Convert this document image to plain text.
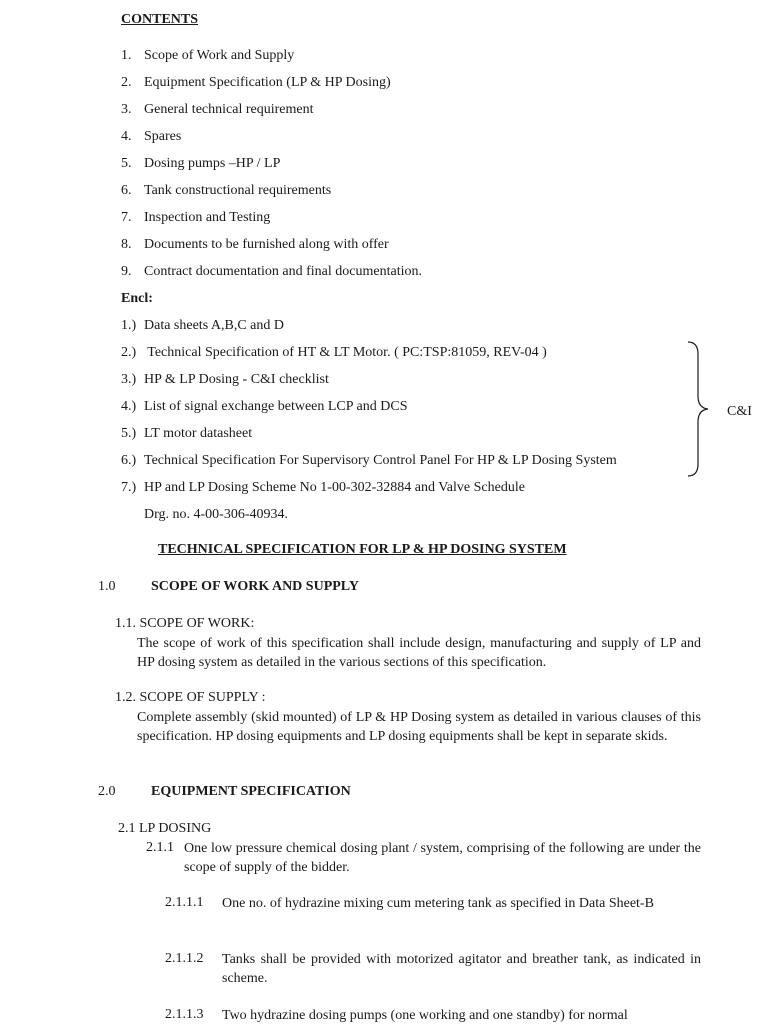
CONTENTS
1. Scope of Work and Supply
2. Equipment Specification (LP & HP Dosing)
3. General technical requirement
4. Spares
5. Dosing pumps –HP / LP
6. Tank constructional requirements
7. Inspection and Testing
8. Documents to be furnished along with offer
9. Contract documentation and final documentation.
Encl:
1.) Data sheets A,B,C and D
2.) Technical Specification of HT & LT Motor. ( PC:TSP:81059, REV-04 )
3.) HP & LP Dosing - C&I checklist
4.) List of signal exchange between LCP and DCS
5.) LT motor datasheet
6.) Technical Specification For Supervisory Control Panel For HP & LP Dosing System
7.) HP and LP Dosing Scheme No 1-00-302-32884 and Valve Schedule
Drg. no. 4-00-306-40934.
C&I
TECHNICAL SPECIFICATION FOR LP & HP DOSING SYSTEM
1.0	SCOPE OF WORK AND SUPPLY
1.1. SCOPE OF WORK:
The scope of work of this specification shall include design, manufacturing and supply of LP and HP dosing system as detailed in the various sections of this specification.
1.2. SCOPE OF SUPPLY :
Complete assembly (skid mounted) of LP & HP Dosing system as detailed in various clauses of this specification. HP dosing equipments and LP dosing equipments shall be kept in separate skids.
2.0	EQUIPMENT SPECIFICATION
2.1 LP DOSING
2.1.1 One low pressure chemical dosing plant / system, comprising of the following are under the scope of supply of the bidder.
2.1.1.1 One no. of hydrazine mixing cum metering tank as specified in Data Sheet-B
2.1.1.2 Tanks shall be provided with motorized agitator and breather tank, as indicated in scheme.
2.1.1.3 Two hydrazine dosing pumps (one working and one standby) for normal
